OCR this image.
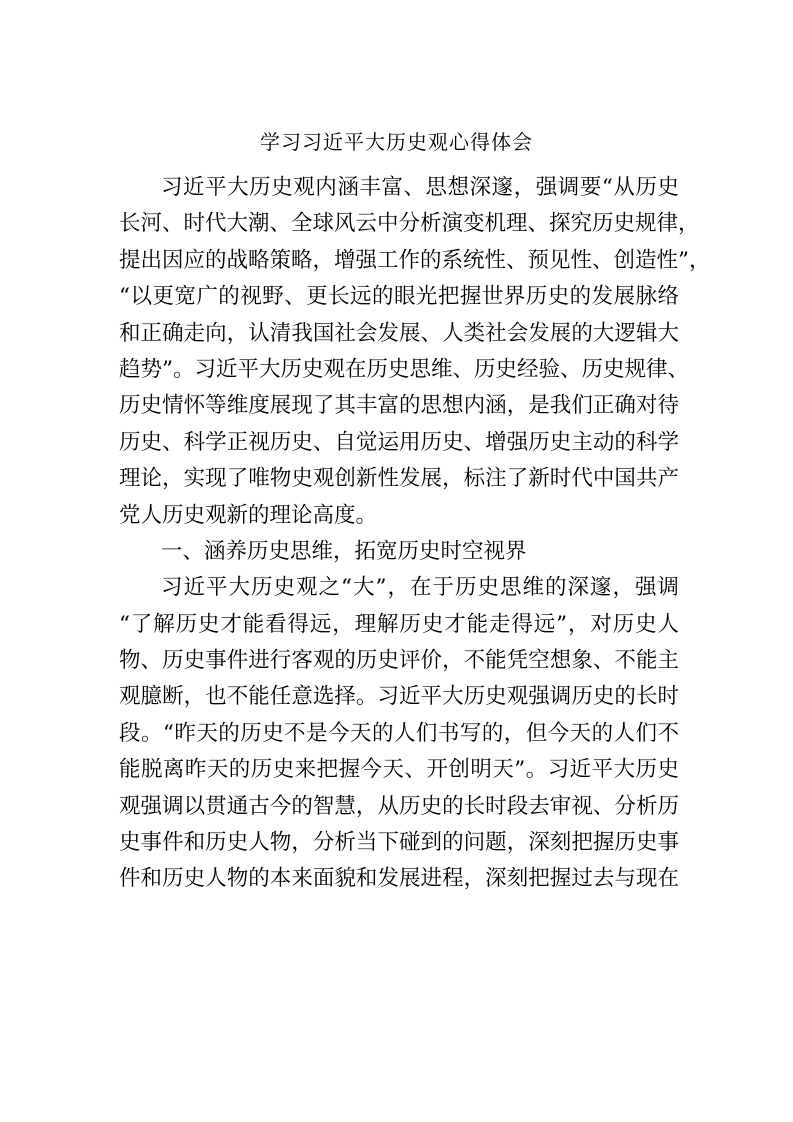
学习习近平大历史观心得体会
习近平大历史观内涵丰富、思想深邃，强调要“从历史
长河、时代大潮、全球风云中分析演变机理、探究历史规律，
提出因应的战略策略，增强工作的系统性、预见性、创造性”，
“以更宽广的视野、更长远的眼光把握世界历史的发展脉络
和正确走向，认清我国社会发展、人类社会发展的大逻辑大
趋势”。习近平大历史观在历史思维、历史经验、历史规律、
历史情怀等维度展现了其丰富的思想内涵，是我们正确对待
历史、科学正视历史、自觉运用历史、增强历史主动的科学
理论，实现了唯物史观创新性发展，标注了新时代中国共产
党人历史观新的理论高度。
一、涵养历史思维，拓宽历史时空视界
习近平大历史观之“大”，在于历史思维的深邃，强调
“了解历史才能看得远，理解历史才能走得远”，对历史人
物、历史事件进行客观的历史评价，不能凭空想象、不能主
观臆断，也不能任意选择。习近平大历史观强调历史的长时
段。“昨天的历史不是今天的人们书写的，但今天的人们不
能脱离昨天的历史来把握今天、开创明天”。习近平大历史
观强调以贯通古今的智慧，从历史的长时段去审视、分析历
史事件和历史人物，分析当下碰到的问题，深刻把握历史事
件和历史人物的本来面貌和发展进程，深刻把握过去与现在
